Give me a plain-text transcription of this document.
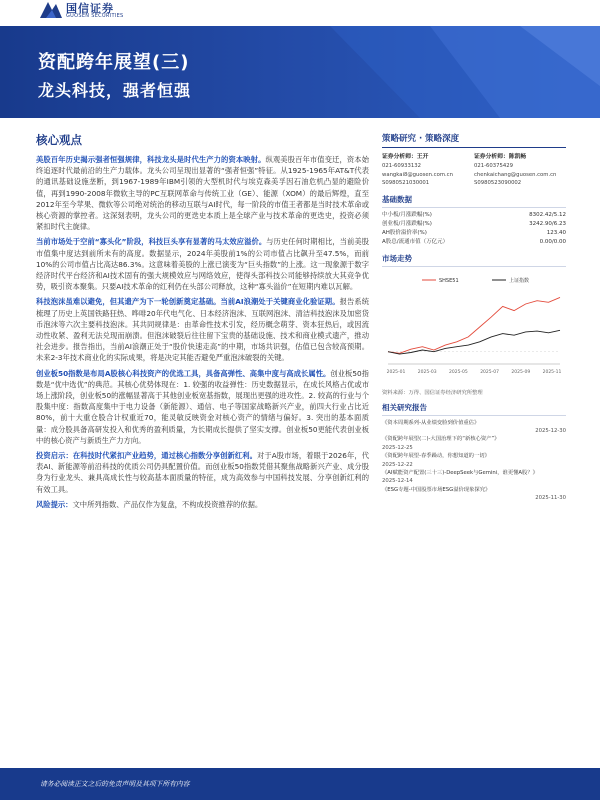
国信证券
GUOSEN SECURITIES
资配跨年展望(三)
龙头科技，强者恒强
核心观点

美股百年历史揭示强者恒强规律，科技龙头是时代生产力的资本映射。纵观美股百年市值变迁，资本始终追逐时代最前沿的生产力载体。龙头公司呈现出显著的“强者恒强”特征。从1925-1965年AT&T代表的通讯基础设施垄断，到1967-1989年IBM引领的大型机时代与埃克森美孚因石油危机凸显的避险价值，再到1990-2008年微软主导的PC互联网革命与传统工业（GE）、能源（XOM）的最后辉煌，直至2012年至今苹果、微软等公司绝对统治的移动互联与AI时代，每一阶段的市值王者都是当时技术革命或核心资源的掌控者。这深刻表明，龙头公司的更迭史本质上是全球产业与技术革命的更迭史，投资必须紧扣时代主旋律。

当前市场处于空前“寡头化”阶段，科技巨头享有显著的马太效应溢价。与历史任何时期相比，当前美股市值集中度达到前所未有的高度。数据显示，2024年美股前1%的公司市值占比飙升至47.5%，而前10%的公司市值占比高达86.3%。这意味着美股的上涨已演变为“巨头指数”的上涨。这一现象源于数字经济时代平台经济和AI技术固有的强大规模效应与网络效应，使得头部科技公司能够持续放大其竞争优势，吸引资本聚集。只要AI技术革命的红利仍在头部公司释放，这种“寡头溢价”在短期内难以瓦解。

科技泡沫虽难以避免，但其遗产为下一轮创新奠定基础。当前AI浪潮处于关键商业化验证期。报告系统梳理了历史上英国铁路狂热、哗啡20年代电气化、日本经济泡沫、互联网泡沫、清洁科技泡沫及加密货币泡沫等六次主要科技泡沫。其共同规律是：由革命性技术引发，经历概念萌芽、资本狂热后，或因流动性收紧、盈利无法兑现而崩溃。但泡沫破裂后往往留下宝贵的基础设施、技术和商业模式遗产，推动社会进步。报告指出，当前AI浪潮正处于“股价快速走高”的中期，市场共识强，估值已包含较高预期。未来2-3年技术商业化的实际成果，将是决定其能否避免严重泡沫破裂的关键。

创业板50指数是布局A股核心科技资产的优选工具，具备高弹性、高集中度与高成长属性。创业板50指数是“优中选优”的典范。其核心优势体现在：1. 较强的收益弹性：历史数据显示，在成长风格占优或市场上涨阶段，创业板50的涨幅显著高于其他创业板宽基指数，展现出更强的进攻性。2. 较高的行业与个股集中度：指数高度集中于电力设备（新能源）、通信、电子等国家战略新兴产业，前四大行业占比近80%，前十大重仓股合计权重近70，能灵敏反映资金对核心资产的情绪与偏好。3. 突出的基本面质量：成分股具备高研发投入和优秀的盈利质量，为长期成长提供了坚实支撑。创业板50更能代表创业板中的核心资产与新质生产力方向。

投资启示：在科技时代紧扣产业趋势，通过核心指数分享创新红利。对于A股市场，着眼于2026年，代表AI、新能源等前沿科技的优质公司仍具配置价值。而创业板50指数凭借其聚焦战略新兴产业、成分股身为行业龙头、兼具高成长性与较高基本面质量的特征，成为高效参与中国科技发展、分享创新红利的有效工具。

风险提示：文中所列指数、产品仅作为复盘，不构成投资推荐的依据。

策略研究 · 策略深度
证券分析师：王开
021-60933132
wangkai8@guosen.com.cn
S0980521030001
证券分析师：陈凯畅
021-60375429
chenkaichang@guosen.com.cn
S0980523090002
基础数据
中小板/月涨跌幅(%)	8302.42/5.12
创业板/月涨跌幅(%)	3242.90/6.23
AH股价溢价率(%)	123.40
A股总/流通市值（万亿元）	0.00/0.00
市场走势
SHSE51	上证指数
2025-01	2025-03	2025-05	2025-07	2025-09	2025-11
资料来源：万得、国信证券经济研究所整理
相关研究报告
《资本周期系列-从业绩变脸到价值重估》
2025-12-30
《资配跨年展望(二)-大国治理下的“新核心资产”》
2025-12-25
《资配跨年展望-春季躁动，你想知道的一切》
2025-12-22
《AI赋能资产配置(三十三)-DeepSeek与Gemini，谁更懂A股？》
2025-12-14
《ESG专题-中国股票市场ESG溢价现象探究》
2025-11-30
请务必阅读正文之后的免责声明及其项下所有内容
